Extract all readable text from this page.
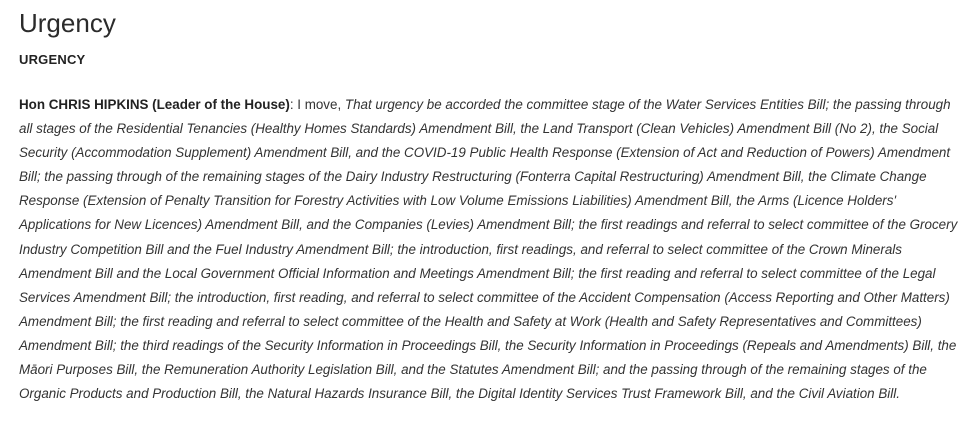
Urgency
URGENCY

Hon CHRIS HIPKINS (Leader of the House): I move, That urgency be accorded the committee stage of the Water Services Entities Bill; the passing through all stages of the Residential Tenancies (Healthy Homes Standards) Amendment Bill, the Land Transport (Clean Vehicles) Amendment Bill (No 2), the Social Security (Accommodation Supplement) Amendment Bill, and the COVID-19 Public Health Response (Extension of Act and Reduction of Powers) Amendment Bill; the passing through of the remaining stages of the Dairy Industry Restructuring (Fonterra Capital Restructuring) Amendment Bill, the Climate Change Response (Extension of Penalty Transition for Forestry Activities with Low Volume Emissions Liabilities) Amendment Bill, the Arms (Licence Holders' Applications for New Licences) Amendment Bill, and the Companies (Levies) Amendment Bill; the first readings and referral to select committee of the Grocery Industry Competition Bill and the Fuel Industry Amendment Bill; the introduction, first readings, and referral to select committee of the Crown Minerals Amendment Bill and the Local Government Official Information and Meetings Amendment Bill; the first reading and referral to select committee of the Legal Services Amendment Bill; the introduction, first reading, and referral to select committee of the Accident Compensation (Access Reporting and Other Matters) Amendment Bill; the first reading and referral to select committee of the Health and Safety at Work (Health and Safety Representatives and Committees) Amendment Bill; the third readings of the Security Information in Proceedings Bill, the Security Information in Proceedings (Repeals and Amendments) Bill, the Māori Purposes Bill, the Remuneration Authority Legislation Bill, and the Statutes Amendment Bill; and the passing through of the remaining stages of the Organic Products and Production Bill, the Natural Hazards Insurance Bill, the Digital Identity Services Trust Framework Bill, and the Civil Aviation Bill.
